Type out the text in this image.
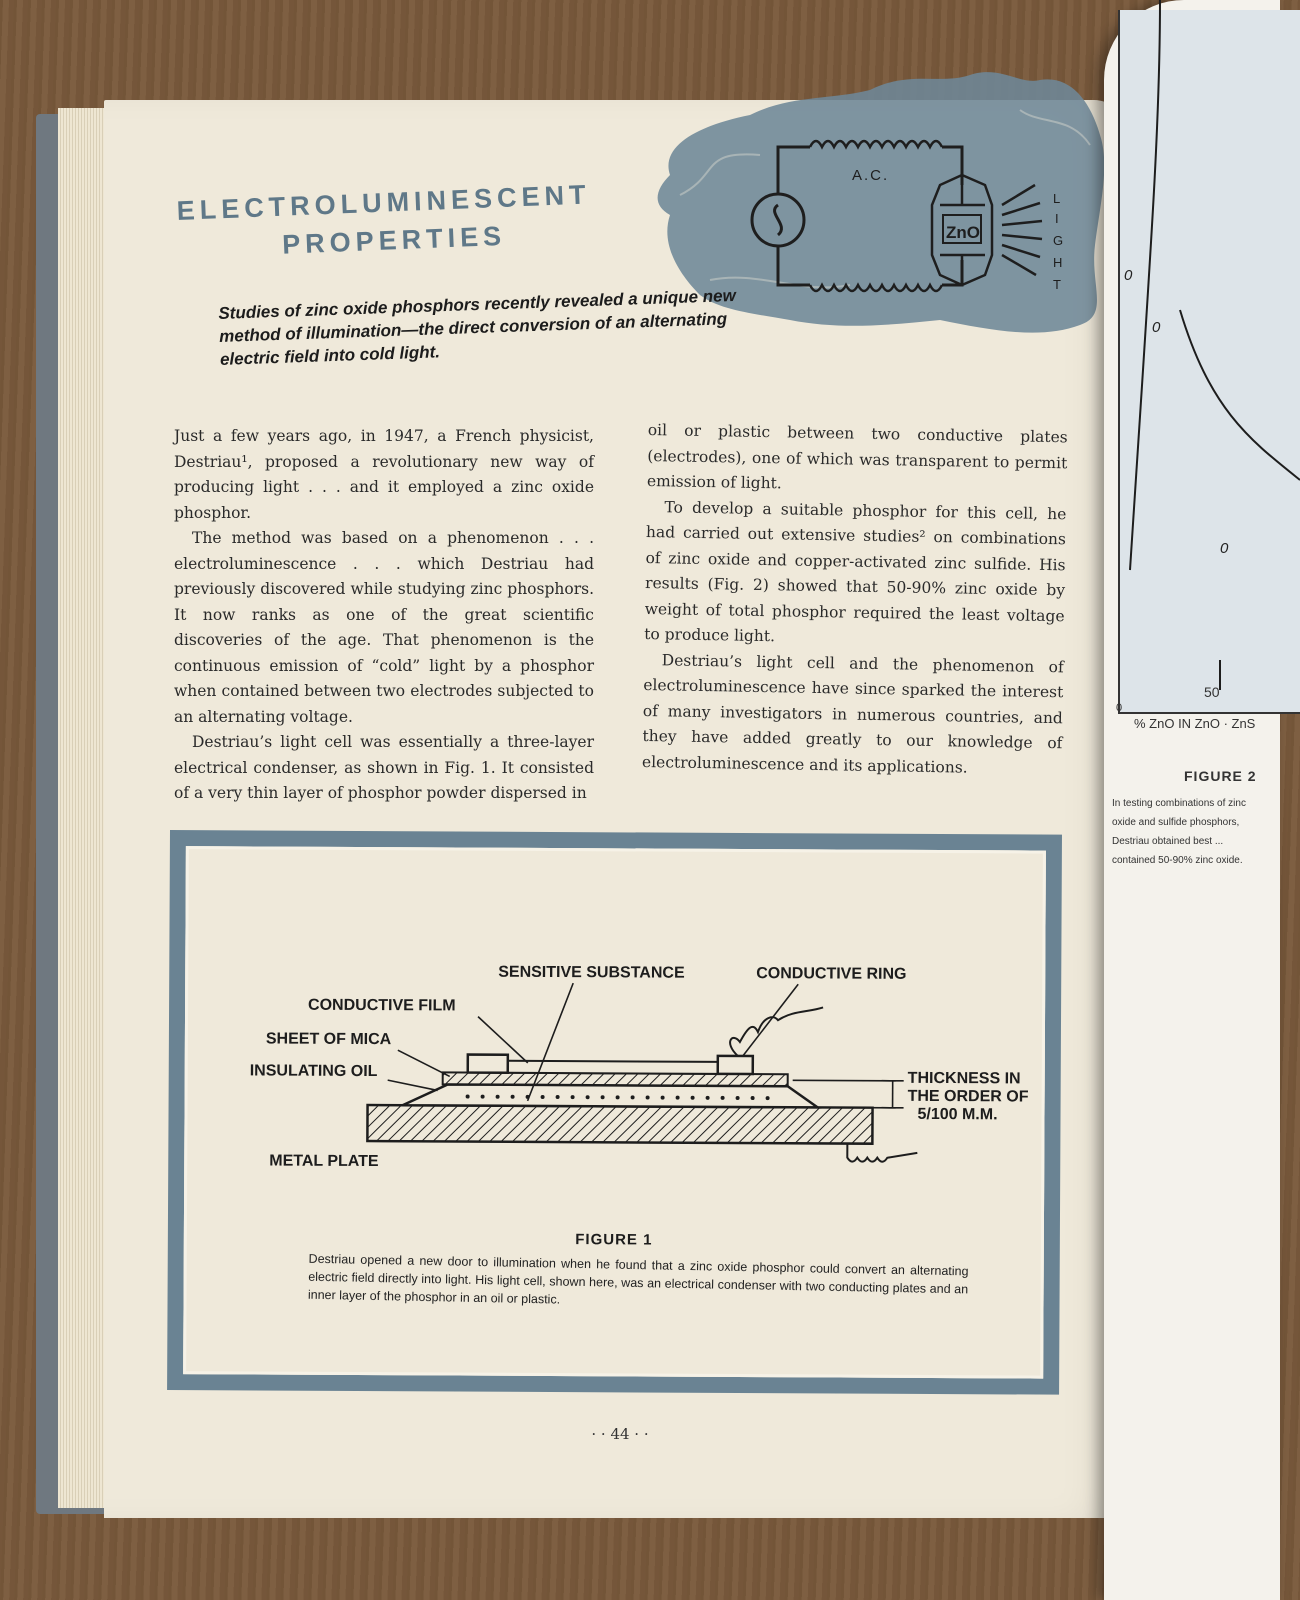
A.C.
ZnO
L
I
G
H
T
ELECTROLUMINESCENT
PROPERTIES
Studies of zinc oxide phosphors recently revealed a unique new method of illumination—the direct conversion of an alternating electric field into cold light.

Just a few years ago, in 1947, a French physicist, Destriau¹, proposed a revolutionary new way of producing light . . . and it employed a zinc oxide phosphor.

The method was based on a phenomenon . . . electroluminescence . . . which Destriau had previously discovered while studying zinc phosphors. It now ranks as one of the great scientific discoveries of the age. That phenomenon is the continuous emission of “cold” light by a phosphor when contained between two electrodes subjected to an alternating voltage.

Destriau’s light cell was essentially a three-layer electrical condenser, as shown in Fig. 1. It consisted of a very thin layer of phosphor powder dispersed in

oil or plastic between two conductive plates (electrodes), one of which was transparent to permit emission of light.

To develop a suitable phosphor for this cell, he had carried out extensive studies² on combinations of zinc oxide and copper-activated zinc sulfide. His results (Fig. 2) showed that 50-90% zinc oxide by weight of total phosphor required the least voltage to produce light.

Destriau’s light cell and the phenomenon of electroluminescence have since sparked the interest of many investigators in numerous countries, and they have added greatly to our knowledge of electroluminescence and its applications.

SENSITIVE SUBSTANCE	CONDUCTIVE RING
CONDUCTIVE FILM
SHEET OF MICA
INSULATING OIL
METAL PLATE
THICKNESS IN
THE ORDER OF
5/100 M.M.
FIGURE 1
Destriau opened a new door to illumination when he found that a zinc oxide phosphor could convert an alternating electric field directly into light. His light cell, shown here, was an electrical condenser with two conducting plates and an inner layer of the phosphor in an oil or plastic.
· · 44 · ·
0
0
0
50
0
% ZnO IN ZnO · ZnS
FIGURE 2
In testing combinations of zinc oxide and sulfide phosphors, Destriau obtained best ... contained 50-90% zinc oxide.
